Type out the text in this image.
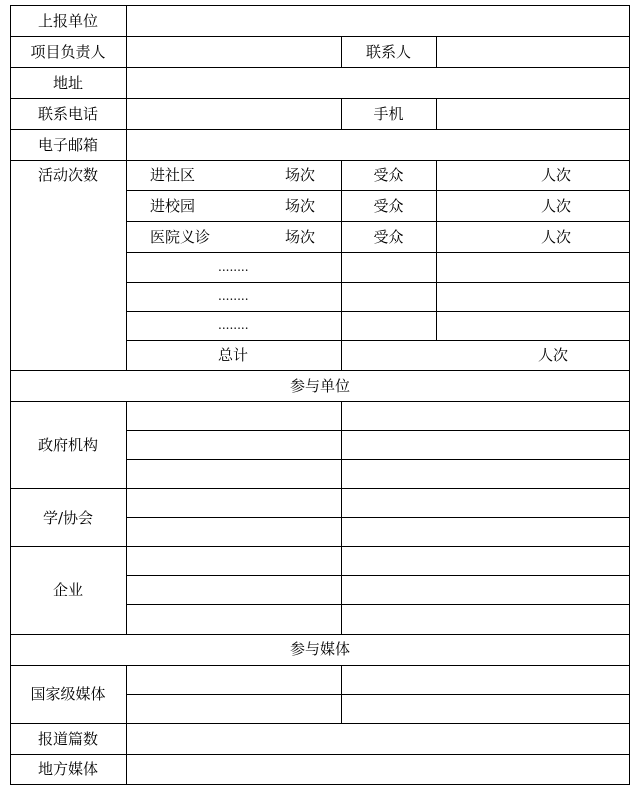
上报单位
项目负责人	联系人
地址
联系电话	手机
电子邮箱
活动次数	进社区	场次	受众	人次
进校园	场次	受众	人次
医院义诊	场次	受众	人次
........
........
........
总计	人次
参与单位
政府机构
学/协会
企业
参与媒体
国家级媒体
报道篇数
地方媒体
